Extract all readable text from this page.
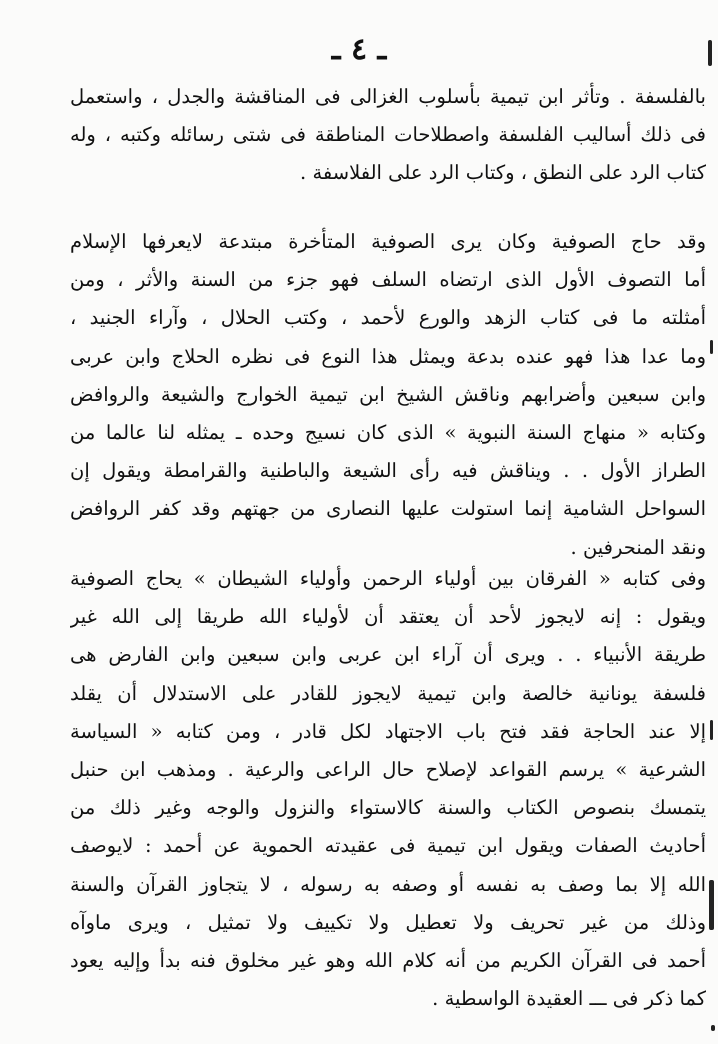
ـ ٤ ـ
بالفلسفة . وتأثر ابن تيمية بأسلوب الغزالى فى المناقشة والجدل ، واستعمل
فى ذلك أساليب الفلسفة واصطلاحات المناطقة فى شتى رسائله وكتبه ، وله
كتاب الرد على النطق ، وكتاب الرد على الفلاسفة .
وقد حاج الصوفية وكان يرى الصوفية المتأخرة مبتدعة لايعرفها الإسلام
أما التصوف الأول الذى ارتضاه السلف فهو جزء من السنة والأثر ، ومن
أمثلته ما فى كتاب الزهد والورع لأحمد ، وكتب الحلال ، وآراء الجنيد ،
وما عدا هذا فهو عنده بدعة ويمثل هذا النوع فى نظره الحلاج وابن عربى
وابن سبعين وأضرابهم وناقش الشيخ ابن تيمية الخوارج والشيعة والروافض
وكتابه « منهاج السنة النبوية » الذى كان نسيج وحده ـ يمثله لنا عالما من
الطراز الأول . . ويناقش فيه رأى الشيعة والباطنية والقرامطة ويقول إن
السواحل الشامية إنما استولت عليها النصارى من جهتهم وقد كفر الروافض
ونقد المنحرفين .
وفى كتابه « الفرقان بين أولياء الرحمن وأولياء الشيطان » يحاج الصوفية
ويقول : إنه لايجوز لأحد أن يعتقد أن لأولياء الله طريقا إلى الله غير
طريقة الأنبياء . . ويرى أن آراء ابن عربى وابن سبعين وابن الفارض هى
فلسفة يونانية خالصة وابن تيمية لايجوز للقادر على الاستدلال أن يقلد
إلا عند الحاجة فقد فتح باب الاجتهاد لكل قادر ، ومن كتابه « السياسة
الشرعية » يرسم القواعد لإصلاح حال الراعى والرعية . ومذهب ابن حنبل
يتمسك بنصوص الكتاب والسنة كالاستواء والنزول والوجه وغير ذلك من
أحاديث الصفات ويقول ابن تيمية فى عقيدته الحموية عن أحمد : لايوصف
الله إلا بما وصف به نفسه أو وصفه به رسوله ، لا يتجاوز القرآن والسنة
وذلك من غير تحريف ولا تعطيل ولا تكييف ولا تمثيل ، ويرى ماوآه
أحمد فى القرآن الكريم من أنه كلام الله وهو غير مخلوق فنه بدأ وإليه يعود
كما ذكر فى ـــ العقيدة الواسطية .
